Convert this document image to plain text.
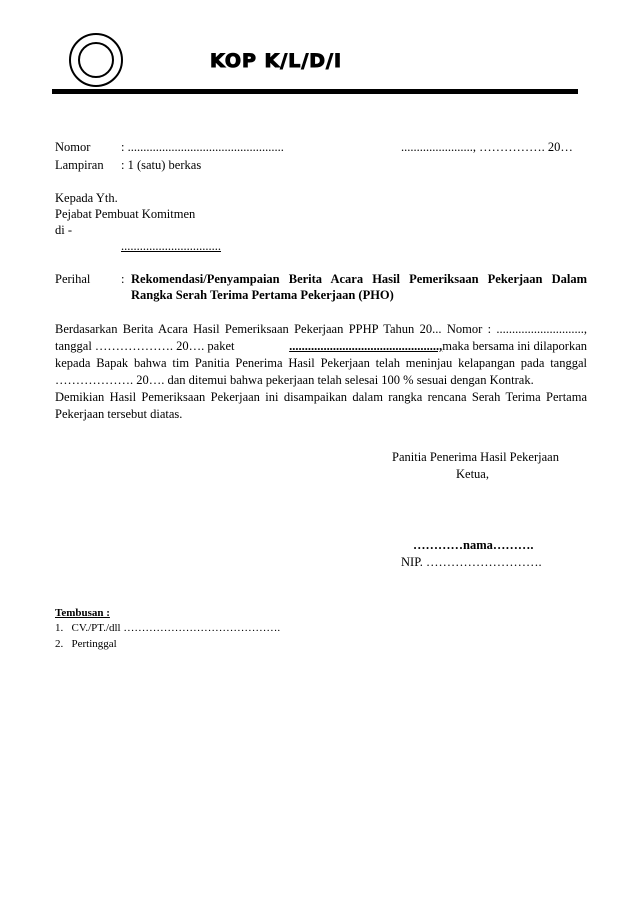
KOP K/L/D/I
Nomor : ..................................................	......................., ……………. 20…
Lampiran : 1 (satu) berkas
Kepada Yth.
Pejabat Pembuat Komitmen
di -
................................
Perihal : Rekomendasi/Penyampaian Berita Acara Hasil Pemeriksaan Pekerjaan Dalam
Rangka Serah Terima Pertama Pekerjaan (PHO)
Berdasarkan Berita Acara Hasil Pemeriksaan Pekerjaan PPHP Tahun 20... Nomor : ............................,
tanggal ………………. 20…. paket	................................................, maka bersama ini dilaporkan
kepada Bapak bahwa tim Panitia Penerima Hasil Pekerjaan telah meninjau kelapangan pada tanggal
………………. 20…. dan ditemui bahwa pekerjaan telah selesai 100 % sesuai dengan Kontrak.
Demikian Hasil Pemeriksaan Pekerjaan ini disampaikan dalam rangka rencana Serah Terima Pertama
Pekerjaan tersebut diatas.
Panitia Penerima Hasil Pekerjaan
Ketua,
…………nama……….
NIP. ……………………….
Tembusan :
1.   CV./PT./dll …………………………………….
2.   Pertinggal
